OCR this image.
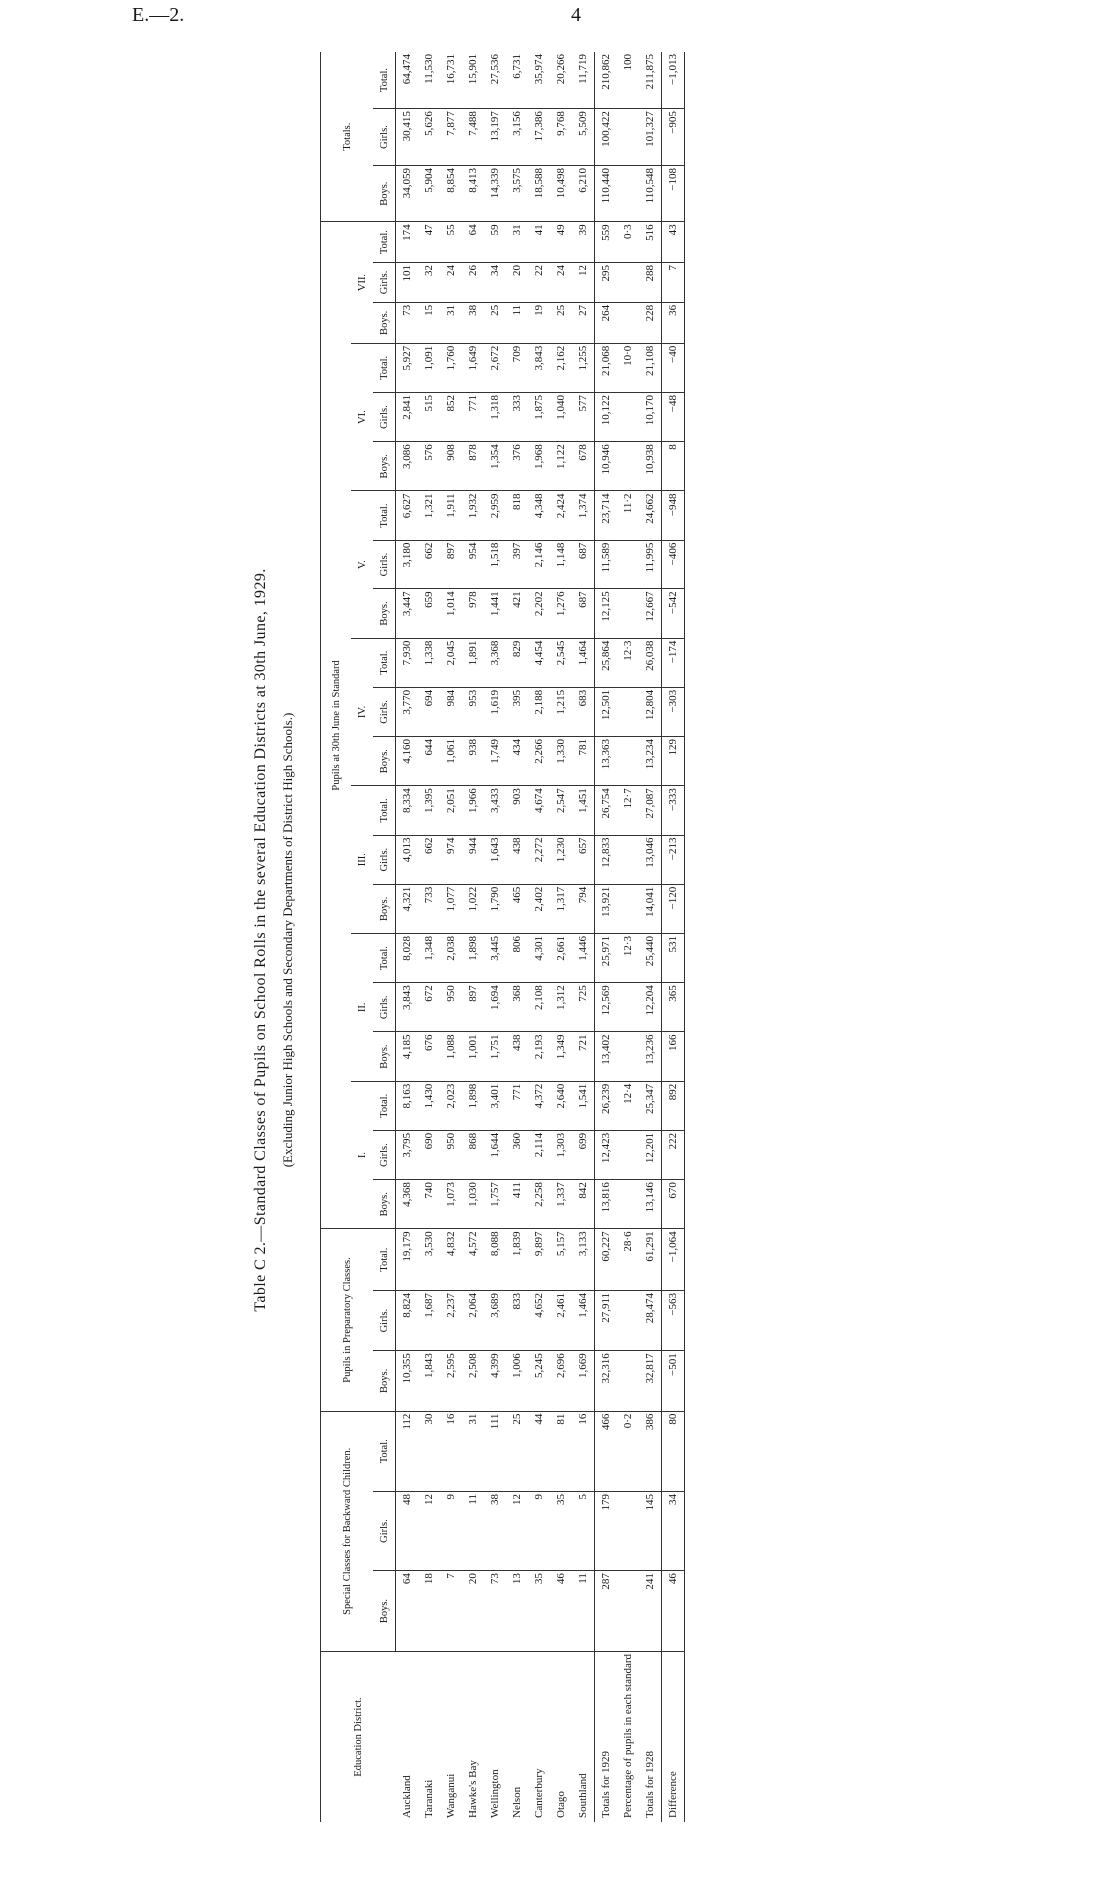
E.—2.	4
Table C 2.—Standard Classes of Pupils on School Rolls in the several Education Districts at 30th June, 1929. (Excluding Junior High Schools and Secondary Departments of District High Schools.)
Education District.	Special Classes for Backward Children.			Pupils in Preparatory Classes.			Pupils at 30th June in Standard																					Totals.		
							I.			II.			III.			IV.			V.			VI.			VII.					
	Boys.	Girls.	Total.	Boys.	Girls.	Total.	Boys.	Girls.	Total.	Boys.	Girls.	Total.	Boys.	Girls.	Total.	Boys.	Girls.	Total.	Boys.	Girls.	Total.	Boys.	Girls.	Total.	Boys.	Girls.	Total.	Boys.	Girls.	Total.
Auckland	64	48	112	10,355	8,824	19,179	4,368	3,795	8,163	4,185	3,843	8,028	4,321	4,013	8,334	4,160	3,770	7,930	3,447	3,180	6,627	3,086	2,841	5,927	73	101	174	34,059	30,415	64,474
Taranaki	18	12	30	1,843	1,687	3,530	740	690	1,430	676	672	1,348	733	662	1,395	644	694	1,338	659	662	1,321	576	515	1,091	15	32	47	5,904	5,626	11,530
Wanganui	7	9	16	2,595	2,237	4,832	1,073	950	2,023	1,088	950	2,038	1,077	974	2,051	1,061	984	2,045	1,014	897	1,911	908	852	1,760	31	24	55	8,854	7,877	16,731
Hawke's Bay	20	11	31	2,508	2,064	4,572	1,030	868	1,898	1,001	897	1,898	1,022	944	1,966	938	953	1,891	978	954	1,932	878	771	1,649	38	26	64	8,413	7,488	15,901
Wellington	73	38	111	4,399	3,689	8,088	1,757	1,644	3,401	1,751	1,694	3,445	1,790	1,643	3,433	1,749	1,619	3,368	1,441	1,518	2,959	1,354	1,318	2,672	25	34	59	14,339	13,197	27,536
Nelson	13	12	25	1,006	833	1,839	411	360	771	438	368	806	465	438	903	434	395	829	421	397	818	376	333	709	11	20	31	3,575	3,156	6,731
Canterbury	35	9	44	5,245	4,652	9,897	2,258	2,114	4,372	2,193	2,108	4,301	2,402	2,272	4,674	2,266	2,188	4,454	2,202	2,146	4,348	1,968	1,875	3,843	19	22	41	18,588	17,386	35,974
Otago	46	35	81	2,696	2,461	5,157	1,337	1,303	2,640	1,349	1,312	2,661	1,317	1,230	2,547	1,330	1,215	2,545	1,276	1,148	2,424	1,122	1,040	2,162	25	24	49	10,498	9,768	20,266
Southland	11	5	16	1,669	1,464	3,133	842	699	1,541	721	725	1,446	794	657	1,451	781	683	1,464	687	687	1,374	678	577	1,255	27	12	39	6,210	5,509	11,719
Totals for 1929	287	179	466	32,316	27,911	60,227	13,816	12,423	26,239	13,402	12,569	25,971	13,921	12,833	26,754	13,363	12,501	25,864	12,125	11,589	23,714	10,946	10,122	21,068	264	295	559	110,440	100,422	210,862
Percentage of pupils in each standard			0·2			28·6			12·4			12·3			12·7			12·3			11·2			10·0			0·3			100
Totals for 1928	241	145	386	32,817	28,474	61,291	13,146	12,201	25,347	13,236	12,204	25,440	14,041	13,046	27,087	13,234	12,804	26,038	12,667	11,995	24,662	10,938	10,170	21,108	228	288	516	110,548	101,327	211,875
Difference	46	34	80	−501	−563	−1,064	670	222	892	166	365	531	−120	−213	−333	129	−303	−174	−542	−406	−948	8	−48	−40	36	7	43	−108	−905	−1,013
